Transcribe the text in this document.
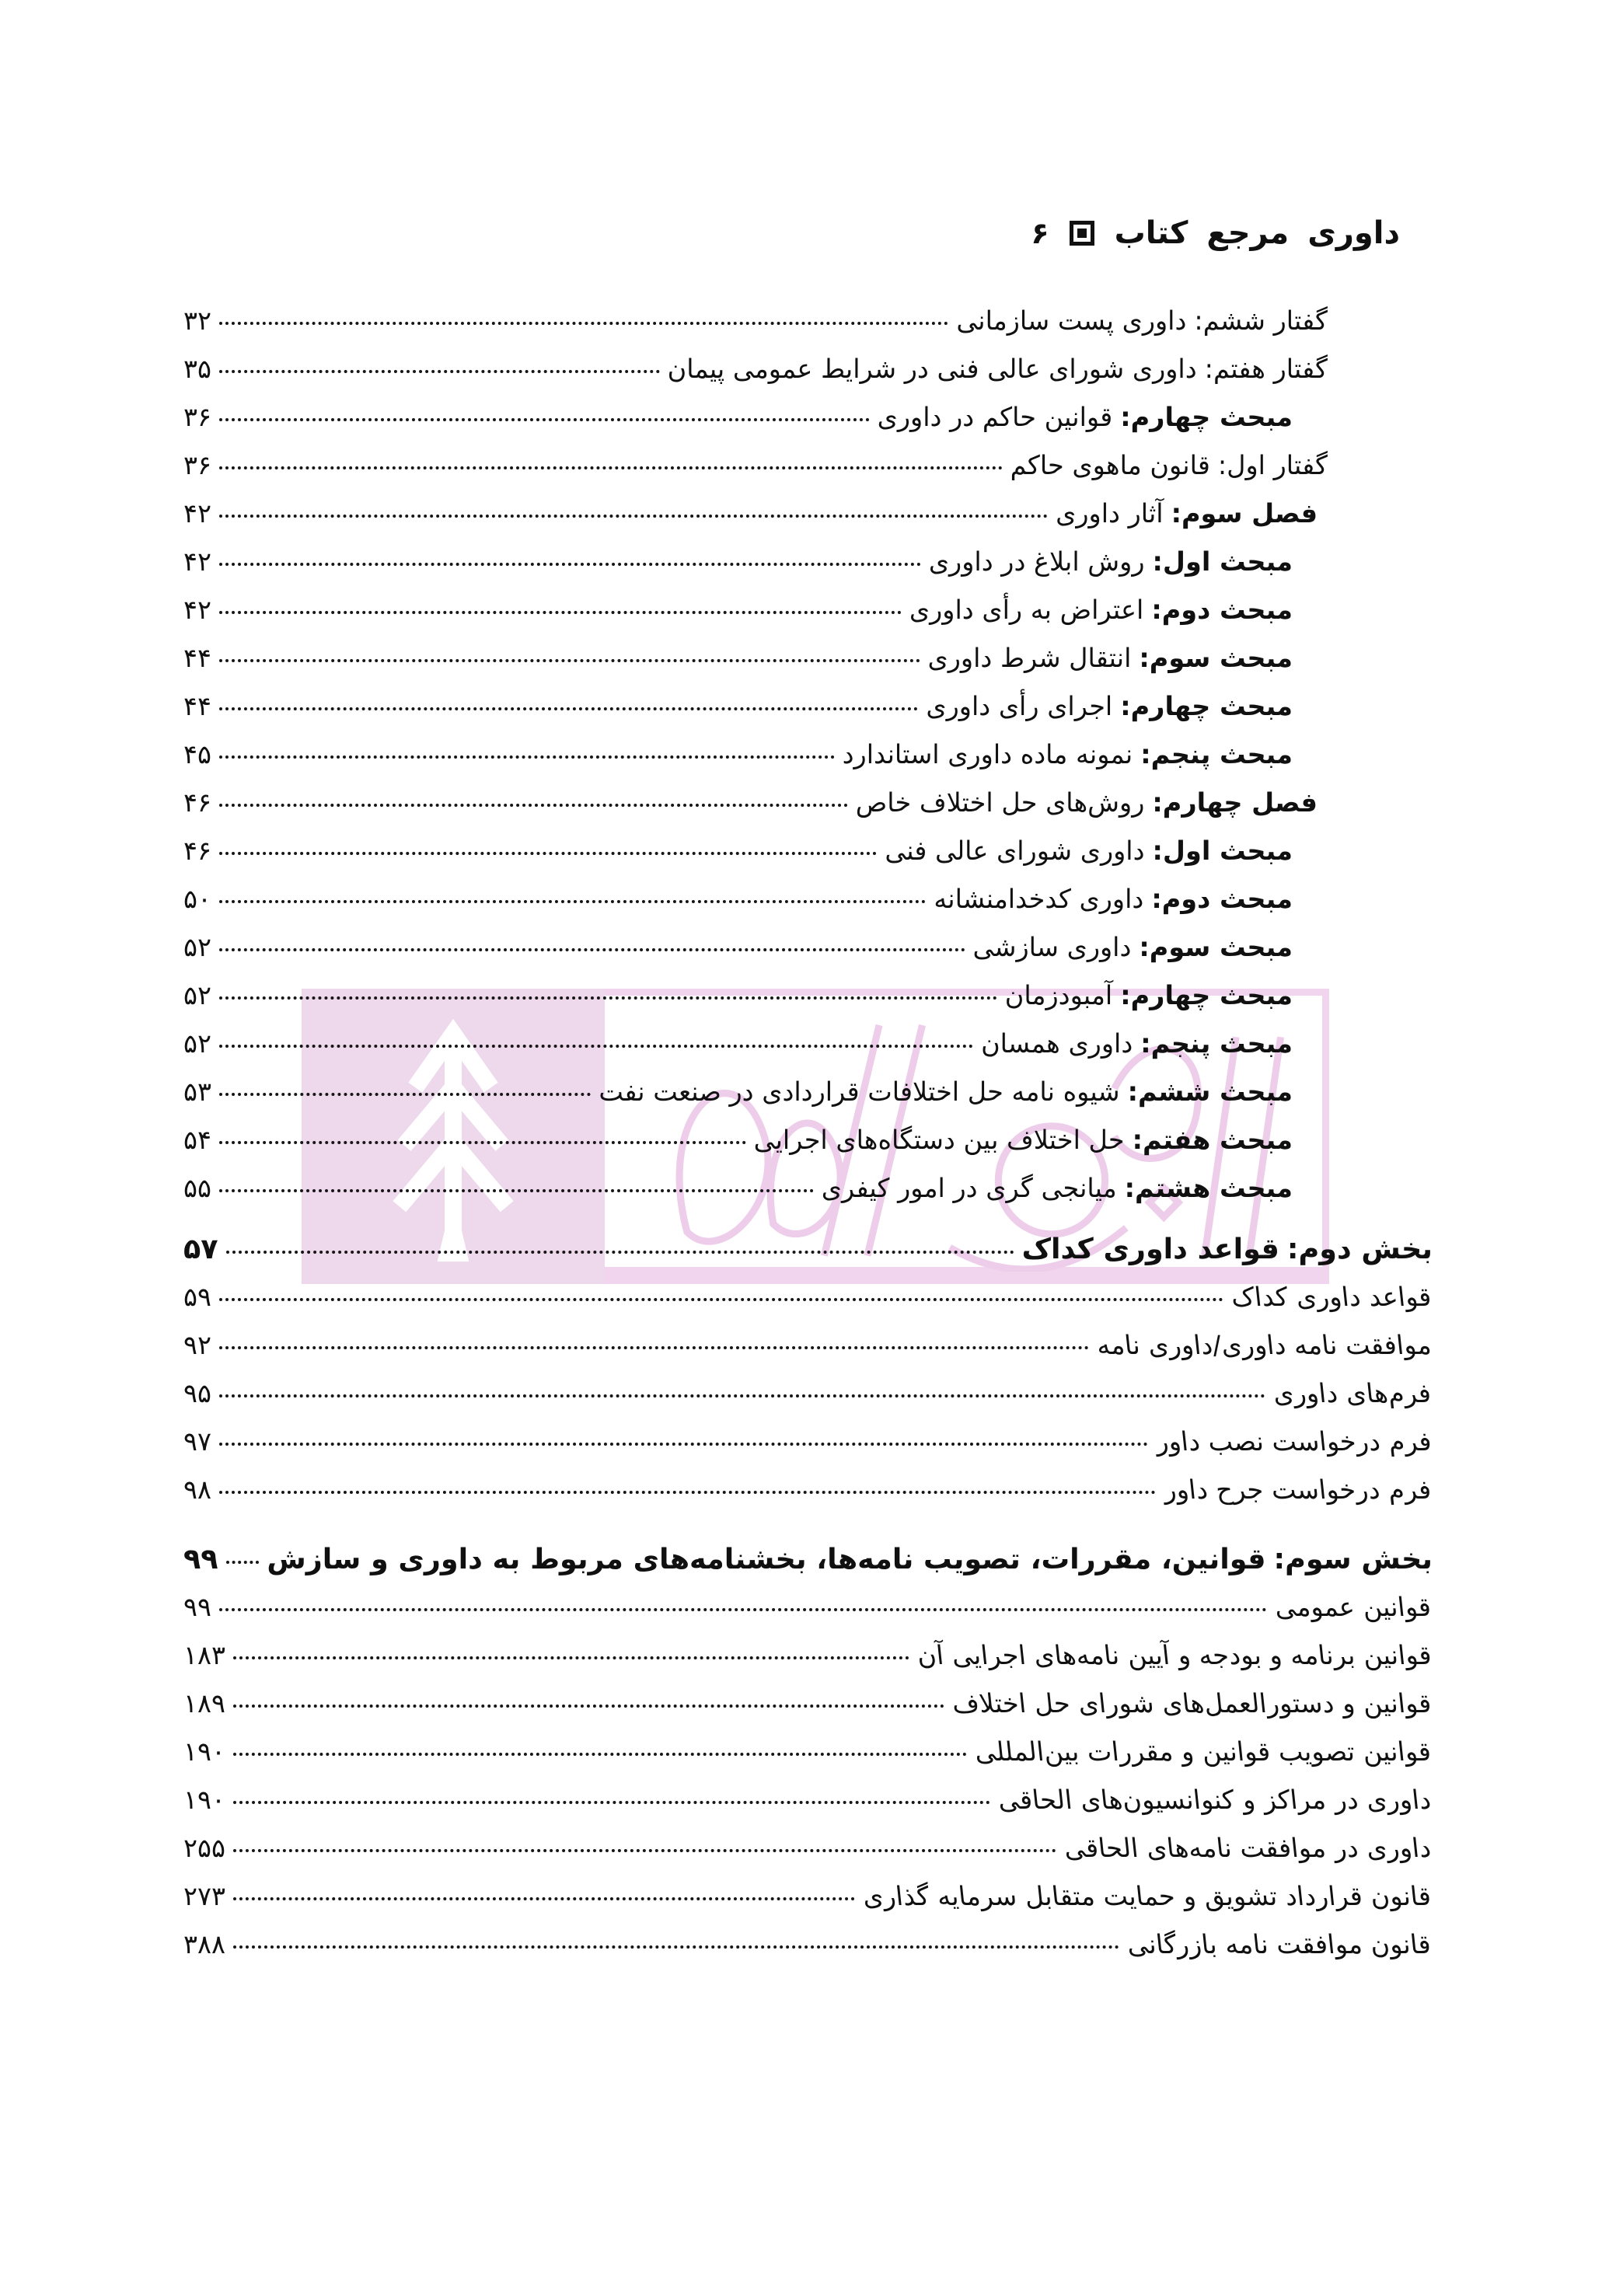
۶ کتاب مرجع داوری
گفتار ششم:
داوری پست سازمانی
۳۲
گفتار هفتم:
داوری شورای عالی فنی در شرایط عمومی پیمان
۳۵
مبحث چهارم:
قوانین حاکم در داوری
۳۶
گفتار اول:
قانون ماهوی حاکم
۳۶
فصل سوم:
آثار داوری
۴۲
مبحث اول:
روش ابلاغ در داوری
۴۲
مبحث دوم:
اعتراض به رأی داوری
۴۲
مبحث سوم:
انتقال شرط داوری
۴۴
مبحث چهارم:
اجرای رأی داوری
۴۴
مبحث پنجم:
نمونه ماده داوری استاندارد
۴۵
فصل چهارم:
روش‌های حل اختلاف خاص
۴۶
مبحث اول:
داوری شورای عالی فنی
۴۶
مبحث دوم:
داوری کدخدامنشانه
۵۰
مبحث سوم:
داوری سازشی
۵۲
مبحث چهارم:
آمبودزمان
۵۲
مبحث پنجم:
داوری همسان
۵۲
مبحث ششم:
شیوه نامه حل اختلافات قراردادی در صنعت نفت
۵۳
مبحث هفتم:
حل اختلاف بین دستگاه‌های اجرایی
۵۴
مبحث هشتم:
میانجی گری در امور کیفری
۵۵
بخش دوم:
قواعد داوری کداک
۵۷
قواعد داوری کداک
۵۹
موافقت نامه داوری/داوری نامه
۹۲
فرم‌های داوری
۹۵
فرم درخواست نصب داور
۹۷
فرم درخواست جرح داور
۹۸
بخش سوم:
قوانین، مقررات، تصویب نامه‌ها، بخشنامه‌های مربوط به داوری و سازش
۹۹
قوانین عمومی
۹۹
قوانین برنامه و بودجه و آیین نامه‌های اجرایی آن
۱۸۳
قوانین و دستورالعمل‌های شورای حل اختلاف
۱۸۹
قوانین تصویب قوانین و مقررات بین‌المللی
۱۹۰
داوری در مراکز و کنوانسیون‌های الحاقی
۱۹۰
داوری در موافقت نامه‌های الحاقی
۲۵۵
قانون قرارداد تشویق و حمایت متقابل سرمایه گذاری
۲۷۳
قانون موافقت نامه بازرگانی
۳۸۸
